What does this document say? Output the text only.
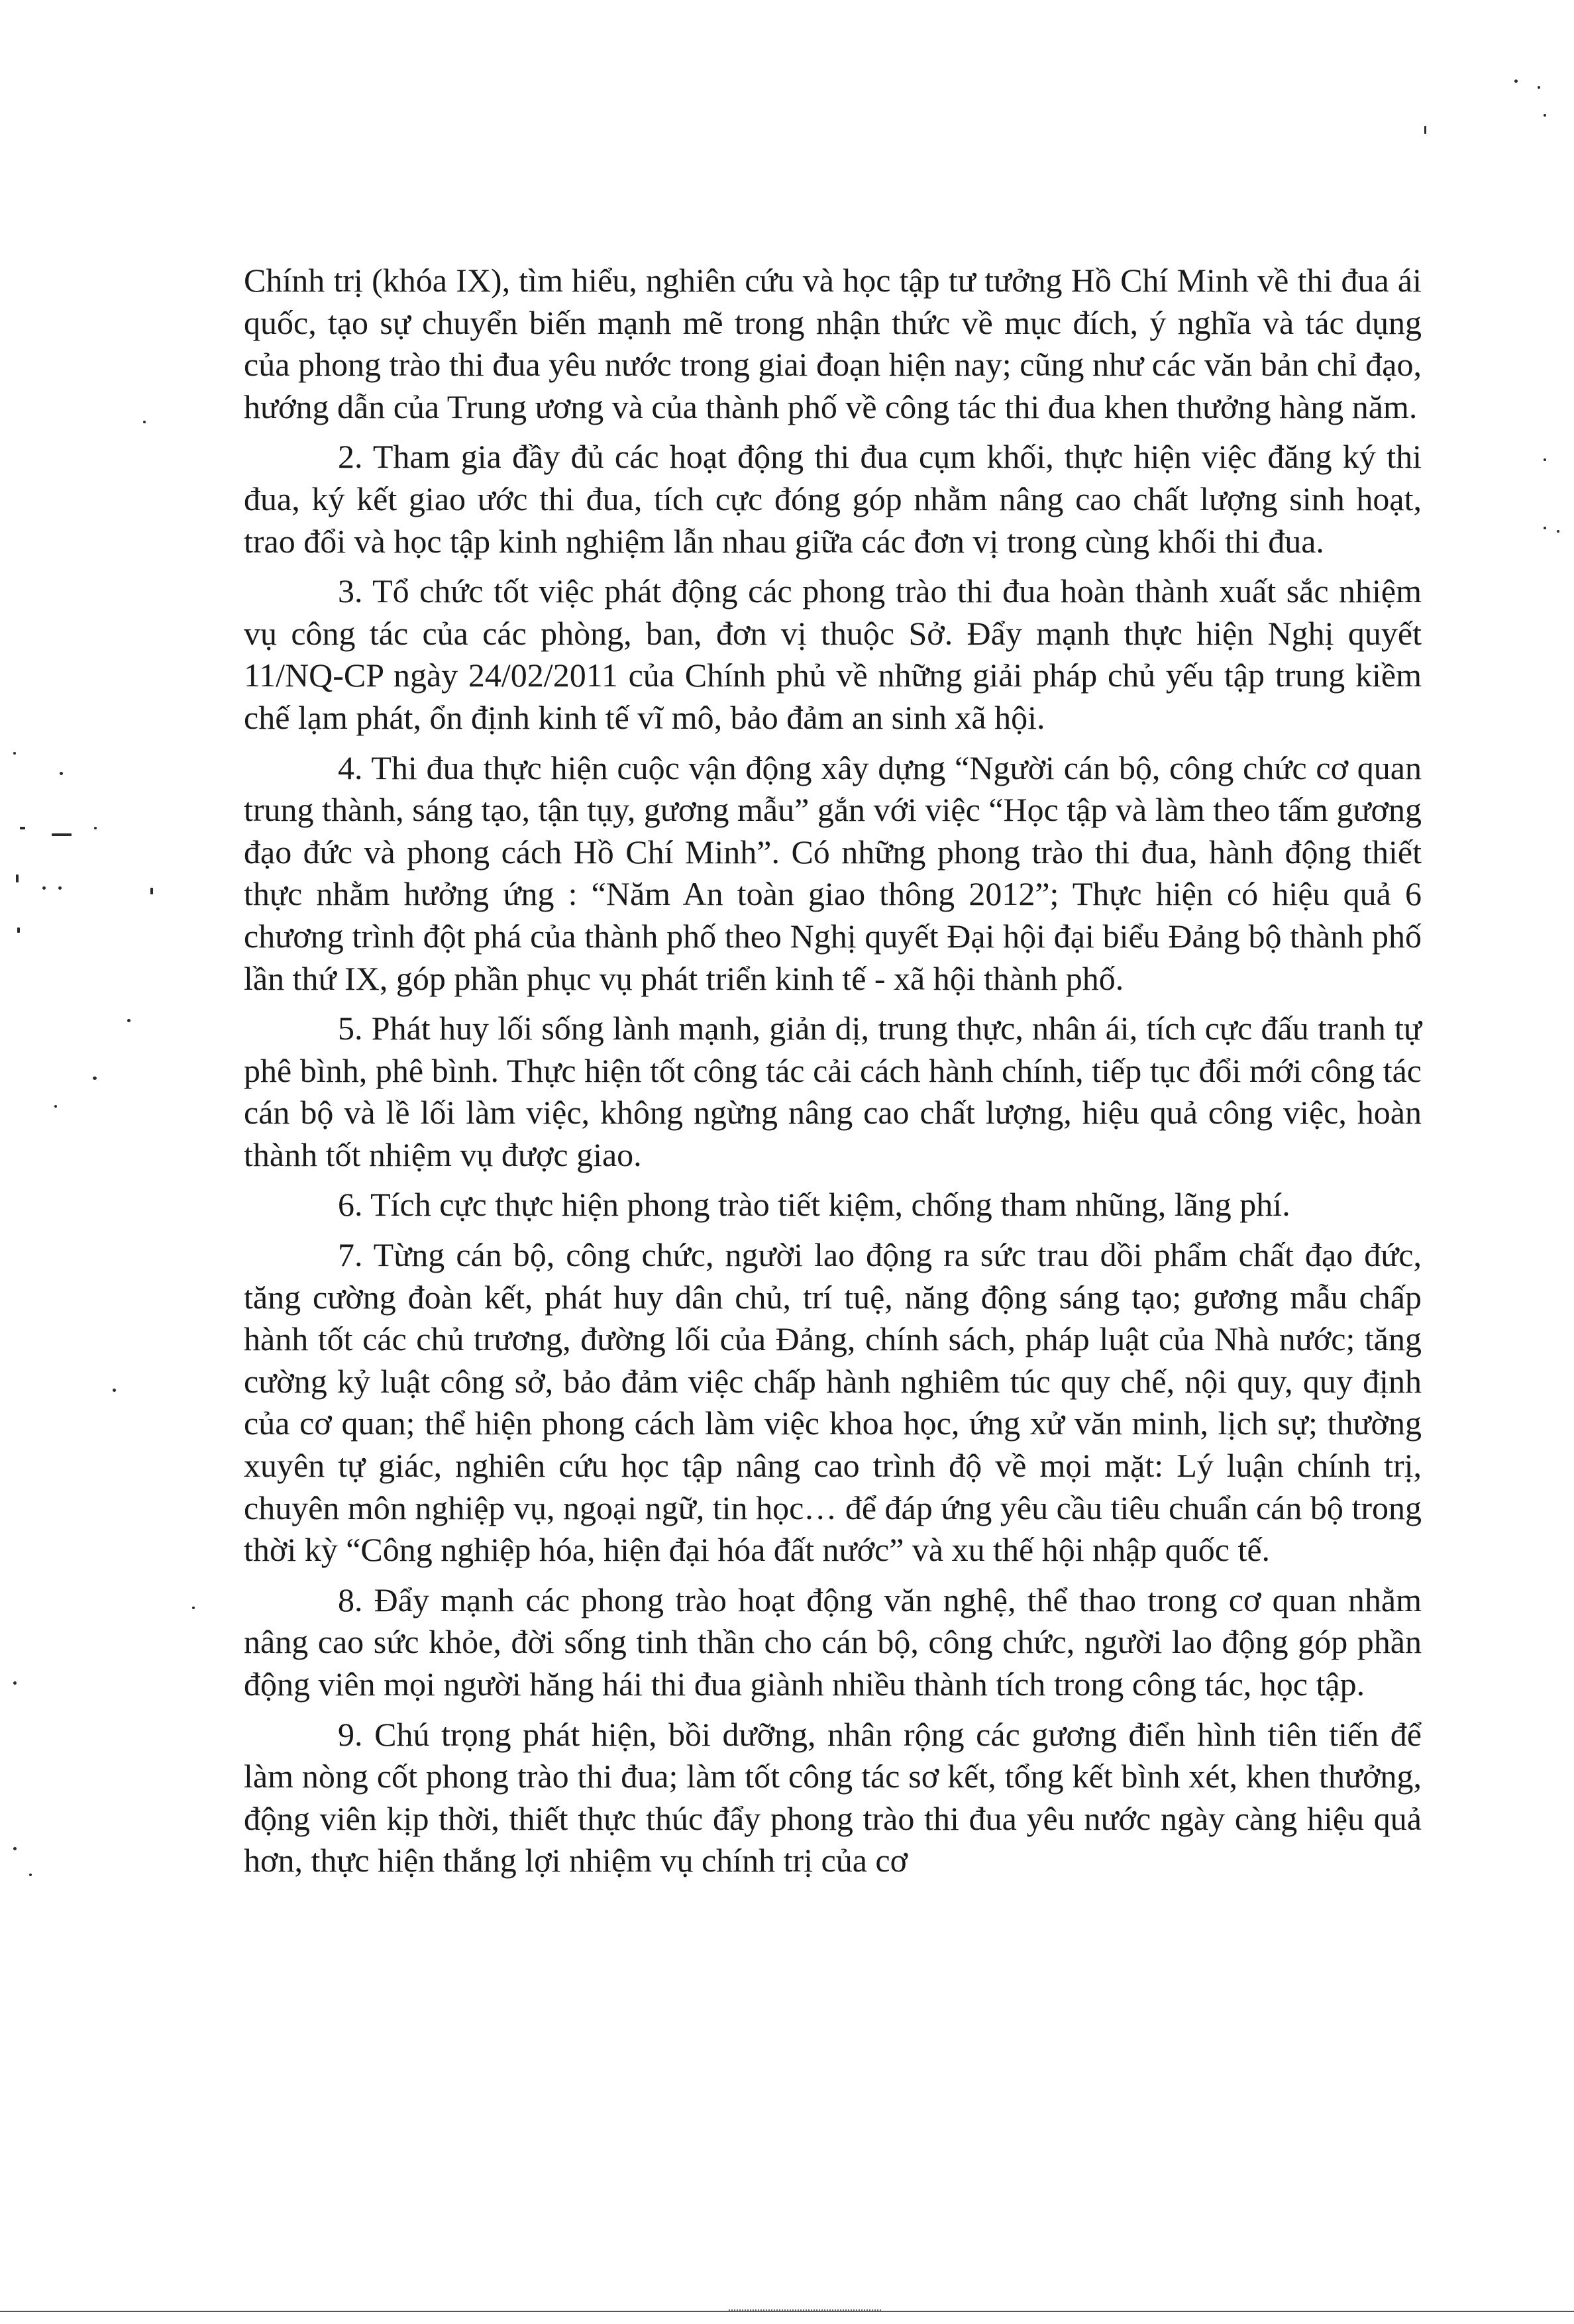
Chính trị (khóa IX), tìm hiểu, nghiên cứu và học tập tư tưởng Hồ Chí Minh về thi đua ái quốc, tạo sự chuyển biến mạnh mẽ trong nhận thức về mục đích, ý nghĩa và tác dụng của phong trào thi đua yêu nước trong giai đoạn hiện nay; cũng như các văn bản chỉ đạo, hướng dẫn của Trung ương và của thành phố về công tác thi đua khen thưởng hàng năm.

2. Tham gia đầy đủ các hoạt động thi đua cụm khối, thực hiện việc đăng ký thi đua, ký kết giao ước thi đua, tích cực đóng góp nhằm nâng cao chất lượng sinh hoạt, trao đổi và học tập kinh nghiệm lẫn nhau giữa các đơn vị trong cùng khối thi đua.

3. Tổ chức tốt việc phát động các phong trào thi đua hoàn thành xuất sắc nhiệm vụ công tác của các phòng, ban, đơn vị thuộc Sở. Đẩy mạnh thực hiện Nghị quyết 11/NQ-CP ngày 24/02/2011 của Chính phủ về những giải pháp chủ yếu tập trung kiềm chế lạm phát, ổn định kinh tế vĩ mô, bảo đảm an sinh xã hội.

4. Thi đua thực hiện cuộc vận động xây dựng “Người cán bộ, công chức cơ quan trung thành, sáng tạo, tận tụy, gương mẫu” gắn với việc “Học tập và làm theo tấm gương đạo đức và phong cách Hồ Chí Minh”. Có những phong trào thi đua, hành động thiết thực nhằm hưởng ứng : “Năm An toàn giao thông 2012”; Thực hiện có hiệu quả 6 chương trình đột phá của thành phố theo Nghị quyết Đại hội đại biểu Đảng bộ thành phố lần thứ IX, góp phần phục vụ phát triển kinh tế - xã hội thành phố.

5. Phát huy lối sống lành mạnh, giản dị, trung thực, nhân ái, tích cực đấu tranh tự phê bình, phê bình. Thực hiện tốt công tác cải cách hành chính, tiếp tục đổi mới công tác cán bộ và lề lối làm việc, không ngừng nâng cao chất lượng, hiệu quả công việc, hoàn thành tốt nhiệm vụ được giao.

6. Tích cực thực hiện phong trào tiết kiệm, chống tham nhũng, lãng phí.

7. Từng cán bộ, công chức, người lao động ra sức trau dồi phẩm chất đạo đức, tăng cường đoàn kết, phát huy dân chủ, trí tuệ, năng động sáng tạo; gương mẫu chấp hành tốt các chủ trương, đường lối của Đảng, chính sách, pháp luật của Nhà nước; tăng cường kỷ luật công sở, bảo đảm việc chấp hành nghiêm túc quy chế, nội quy, quy định của cơ quan; thể hiện phong cách làm việc khoa học, ứng xử văn minh, lịch sự; thường xuyên tự giác, nghiên cứu học tập nâng cao trình độ về mọi mặt: Lý luận chính trị, chuyên môn nghiệp vụ, ngoại ngữ, tin học… để đáp ứng yêu cầu tiêu chuẩn cán bộ trong thời kỳ “Công nghiệp hóa, hiện đại hóa đất nước” và xu thế hội nhập quốc tế.

8. Đẩy mạnh các phong trào hoạt động văn nghệ, thể thao trong cơ quan nhằm nâng cao sức khỏe, đời sống tinh thần cho cán bộ, công chức, người lao động góp phần động viên mọi người hăng hái thi đua giành nhiều thành tích trong công tác, học tập.

9. Chú trọng phát hiện, bồi dưỡng, nhân rộng các gương điển hình tiên tiến để làm nòng cốt phong trào thi đua; làm tốt công tác sơ kết, tổng kết bình xét, khen thưởng, động viên kịp thời, thiết thực thúc đẩy phong trào thi đua yêu nước ngày càng hiệu quả hơn, thực hiện thắng lợi nhiệm vụ chính trị của cơ
